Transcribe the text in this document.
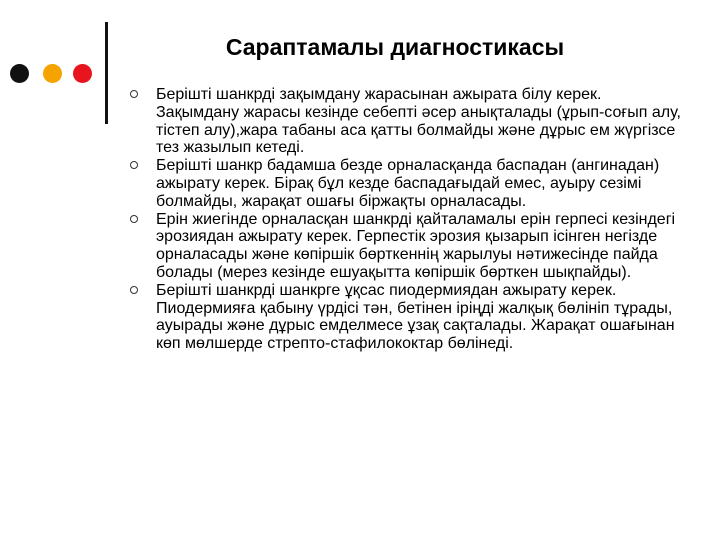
Сараптамалы диагностикасы
Берішті шанкрді зақымдану жарасынан ажырата білу керек. Зақымдану жарасы кезінде себепті әсер анықталады (ұрып-соғып алу, тістеп алу),жара табаны аса қатты болмайды және дұрыс ем жүргізсе тез жазылып кетеді.
Берішті шанкр бадамша безде орналасқанда баспадан (ангинадан) ажырату керек. Бірақ бұл кезде баспадағыдай емес, ауыру сезімі болмайды, жарақат ошағы біржақты орналасады.
Ерін жиегінде орналасқан шанкрді қайталамалы ерін герпесі кезіндегі эрозиядан ажырату керек. Герпестік эрозия қызарып ісінген негізде орналасады және көпіршік бөрткеннің жарылуы нәтижесінде пайда болады (мерез кезінде ешуақытта көпіршік бөрткен шықпайды).
Берішті шанкрді шанкрге ұқсас пиодермиядан ажырату керек. Пиодермияға қабыну үрдісі тән, бетінен іріңді жалқық бөлініп тұрады, ауырады және дұрыс емделмесе ұзақ сақталады. Жарақат ошағынан көп мөлшерде стрепто-стафилококтар бөлінеді.
